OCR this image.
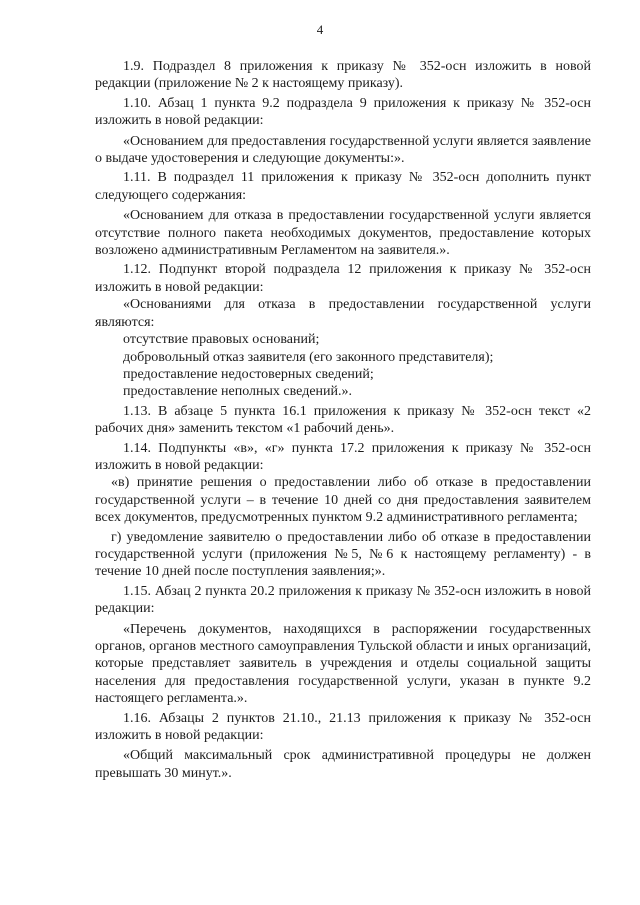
4

1.9. Подраздел 8 приложения к приказу № 352-осн изложить в новой редакции (приложение № 2 к настоящему приказу).

1.10. Абзац 1 пункта 9.2 подраздела 9 приложения к приказу № 352-осн изложить в новой редакции:

«Основанием для предоставления государственной услуги является заявление о выдаче удостоверения и следующие документы:».

1.11. В подраздел 11 приложения к приказу № 352-осн дополнить пункт следующего содержания:

«Основанием для отказа в предоставлении государственной услуги является отсутствие полного пакета необходимых документов, предоставление которых возложено административным Регламентом на заявителя.».

1.12. Подпункт второй подраздела 12 приложения к приказу № 352-осн изложить в новой редакции:

«Основаниями для отказа в предоставлении государственной услуги являются:

отсутствие правовых оснований;

добровольный отказ заявителя (его законного представителя);

предоставление недостоверных сведений;

предоставление неполных сведений.».

1.13. В абзаце 5 пункта 16.1 приложения к приказу № 352-осн текст «2 рабочих дня» заменить текстом «1 рабочий день».

1.14. Подпункты «в», «г» пункта 17.2 приложения к приказу № 352-осн изложить в новой редакции:

«в) принятие решения о предоставлении либо об отказе в предоставлении государственной услуги – в течение 10 дней со дня предоставления заявителем всех документов, предусмотренных пунктом 9.2 административного регламента;

г) уведомление заявителю о предоставлении либо об отказе в предоставлении государственной услуги (приложения №5, №6 к настоящему регламенту) - в течение 10 дней после поступления заявления;».

1.15. Абзац 2 пункта 20.2 приложения к приказу № 352-осн изложить в новой редакции:

«Перечень документов, находящихся в распоряжении государственных органов, органов местного самоуправления Тульской области и иных организаций, которые представляет заявитель в учреждения и отделы социальной защиты населения для предоставления государственной услуги, указан в пункте 9.2 настоящего регламента.».

1.16. Абзацы 2 пунктов 21.10., 21.13 приложения к приказу № 352-осн изложить в новой редакции:

«Общий максимальный срок административной процедуры не должен превышать 30 минут.».
